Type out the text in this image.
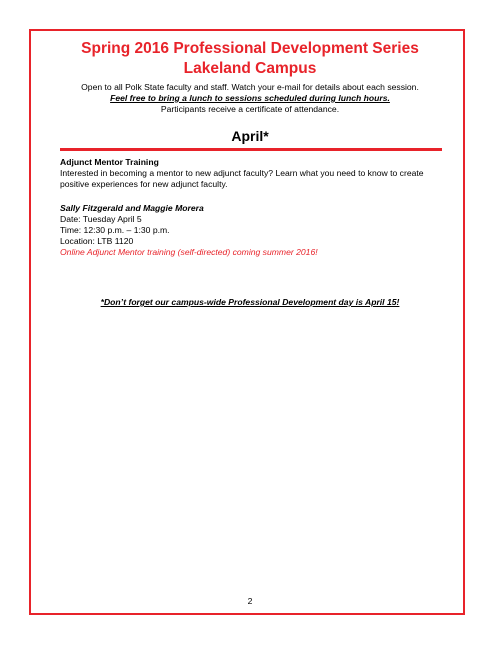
Spring 2016 Professional Development Series
Lakeland Campus
Open to all Polk State faculty and staff. Watch your e-mail for details about each session.
Feel free to bring a lunch to sessions scheduled during lunch hours.
Participants receive a certificate of attendance.
April*
Adjunct Mentor Training
Interested in becoming a mentor to new adjunct faculty? Learn what you need to know to create positive experiences for new adjunct faculty.
Sally Fitzgerald and Maggie Morera
Date: Tuesday April 5
Time: 12:30 p.m. – 1:30 p.m.
Location: LTB 1120
Online Adjunct Mentor training (self-directed) coming summer 2016!
*Don’t forget our campus-wide Professional Development day is April 15!
2
